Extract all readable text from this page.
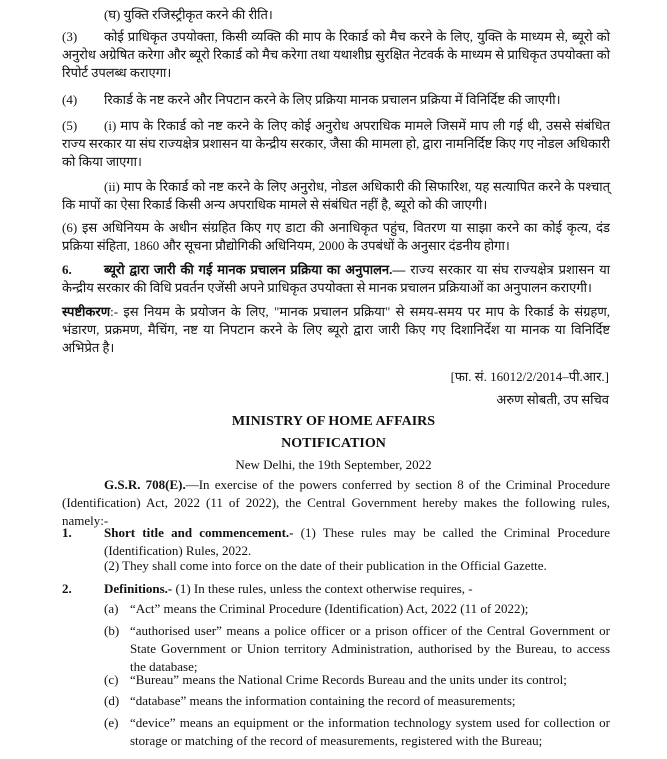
(घ) युक्ति रजिस्ट्रीकृत करने की रीति।

(3) कोई प्राधिकृत उपयोक्ता, किसी व्यक्ति की माप के रिकार्ड को मैच करने के लिए, युक्ति के माध्यम से, ब्यूरो को अनुरोध अग्रेषित करेगा और ब्यूरो रिकार्ड को मैच करेगा तथा यथाशीघ्र सुरक्षित नेटवर्क के माध्यम से प्राधिकृत उपयोक्ता को रिपोर्ट उपलब्ध कराएगा।

(4) रिकार्ड के नष्ट करने और निपटान करने के लिए प्रक्रिया मानक प्रचालन प्रक्रिया में विनिर्दिष्ट की जाएगी।

(5) (i) माप के रिकार्ड को नष्ट करने के लिए कोई अनुरोध अपराधिक मामले जिसमें माप ली गई थी, उससे संबंधित राज्य सरकार या संघ राज्यक्षेत्र प्रशासन या केन्द्रीय सरकार, जैसा की मामला हो, द्वारा नामनिर्दिष्ट किए गए नोडल अधिकारी को किया जाएगा।

(ii) माप के रिकार्ड को नष्ट करने के लिए अनुरोध, नोडल अधिकारी की सिफारिश, यह सत्यापित करने के पश्चात् कि मापों का ऐसा रिकार्ड किसी अन्य अपराधिक मामले से संबंधित नहीं है, ब्यूरो को की जाएगी।

(6) इस अधिनियम के अधीन संग्रहित किए गए डाटा की अनाधिकृत पहुंच, वितरण या साझा करने का कोई कृत्य, दंड प्रक्रिया संहिता, 1860 और सूचना प्रौद्योगिकी अधिनियम, 2000 के उपबंधों के अनुसार दंडनीय होगा।

6. ब्यूरो द्वारा जारी की गई मानक प्रचालन प्रक्रिया का अनुपालन.— राज्य सरकार या संघ राज्यक्षेत्र प्रशासन या केन्द्रीय सरकार की विधि प्रवर्तन एजेंसी अपने प्राधिकृत उपयोक्ता से मानक प्रचालन प्रक्रियाओं का अनुपालन कराएगी।

स्पष्टीकरण:- इस नियम के प्रयोजन के लिए, "मानक प्रचालन प्रक्रिया" से समय-समय पर माप के रिकार्ड के संग्रहण, भंडारण, प्रक्रमण, मैचिंग, नष्ट या निपटान करने के लिए ब्यूरो द्वारा जारी किए गए दिशानिर्देश या मानक या विनिर्दिष्ट अभिप्रेत है।

[फा. सं. 16012/2/2014–पी.आर.]
अरुण सोबती, उप सचिव
MINISTRY OF HOME AFFAIRS
NOTIFICATION
New Delhi, the 19th September, 2022

G.S.R. 708(E).—In exercise of the powers conferred by section 8 of the Criminal Procedure (Identification) Act, 2022 (11 of 2022), the Central Government hereby makes the following rules, namely:-

1. Short title and commencement.- (1) These rules may be called the Criminal Procedure (Identification) Rules, 2022.

(2) They shall come into force on the date of their publication in the Official Gazette.

2. Definitions.- (1) In these rules, unless the context otherwise requires, -
(a) “Act” means the Criminal Procedure (Identification) Act, 2022 (11 of 2022);
(b) “authorised user” means a police officer or a prison officer of the Central Government or State Government or Union territory Administration, authorised by the Bureau, to access the database;
(c) “Bureau” means the National Crime Records Bureau and the units under its control;
(d) “database” means the information containing the record of measurements;
(e) “device” means an equipment or the information technology system used for collection or storage or matching of the record of measurements, registered with the Bureau;
